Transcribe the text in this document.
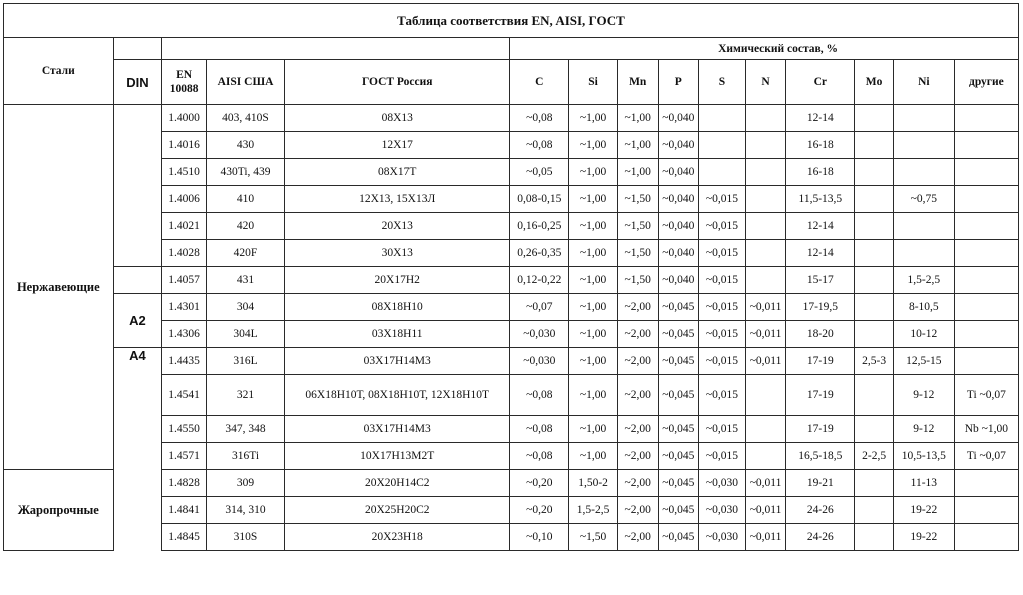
Таблица соответствия EN, AISI, ГОСТ														
Стали					Химический состав, %									
	DIN	EN 10088	AISI США	ГОСТ Россия	C	Si	Mn	P	S	N	Cr	Mo	Ni	другие
Нержавеющие		1.4000	403, 410S	08Х13	~0,08	~1,00	~1,00	~0,040			12-14			
		1.4016	430	12Х17	~0,08	~1,00	~1,00	~0,040			16-18			
		1.4510	430Ti, 439	08Х17Т	~0,05	~1,00	~1,00	~0,040			16-18			
		1.4006	410	12Х13, 15Х13Л	0,08-0,15	~1,00	~1,50	~0,040	~0,015		11,5-13,5		~0,75	
		1.4021	420	20Х13	0,16-0,25	~1,00	~1,50	~0,040	~0,015		12-14			
		1.4028	420F	30Х13	0,26-0,35	~1,00	~1,50	~0,040	~0,015		12-14			
		1.4057	431	20Х17Н2	0,12-0,22	~1,00	~1,50	~0,040	~0,015		15-17		1,5-2,5	
	A2	1.4301	304	08Х18Н10	~0,07	~1,00	~2,00	~0,045	~0,015	~0,011	17-19,5		8-10,5	
		1.4306	304L	03Х18Н11	~0,030	~1,00	~2,00	~0,045	~0,015	~0,011	18-20		10-12	
	A4	1.4435	316L	03Х17Н14М3	~0,030	~1,00	~2,00	~0,045	~0,015	~0,011	17-19	2,5-3	12,5-15	
		1.4541	321	06Х18Н10Т, 08Х18Н10Т, 12Х18Н10Т	~0,08	~1,00	~2,00	~0,045	~0,015		17-19		9-12	Ti ~0,07
		1.4550	347, 348	03Х17Н14М3	~0,08	~1,00	~2,00	~0,045	~0,015		17-19		9-12	Nb ~1,00
		1.4571	316Ti	10Х17Н13М2Т	~0,08	~1,00	~2,00	~0,045	~0,015		16,5-18,5	2-2,5	10,5-13,5	Ti ~0,07
Жаропрочные		1.4828	309	20Х20Н14С2	~0,20	1,50-2	~2,00	~0,045	~0,030	~0,011	19-21		11-13	
		1.4841	314, 310	20Х25Н20С2	~0,20	1,5-2,5	~2,00	~0,045	~0,030	~0,011	24-26		19-22	
		1.4845	310S	20Х23Н18	~0,10	~1,50	~2,00	~0,045	~0,030	~0,011	24-26		19-22	
